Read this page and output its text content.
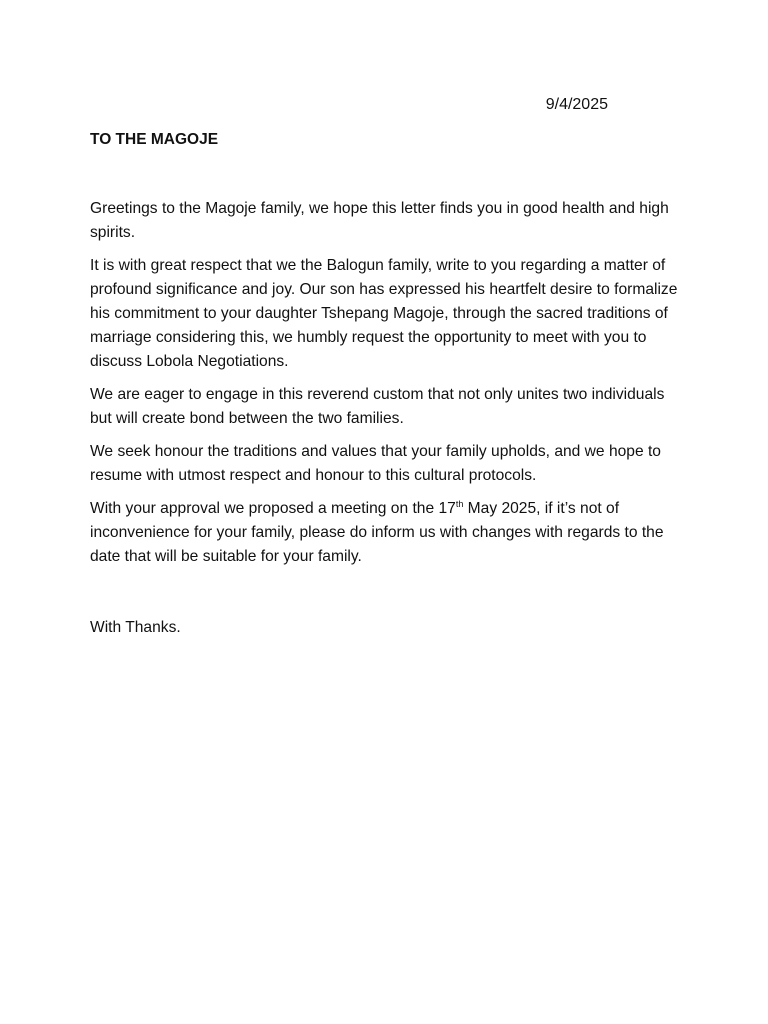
9/4/2025
TO THE MAGOJE

Greetings to the Magoje family, we hope this letter finds you in good health and high spirits.

It is with great respect that we the Balogun family, write to you regarding a matter of profound significance and joy. Our son has expressed his heartfelt desire to formalize his commitment to your daughter Tshepang Magoje, through the sacred traditions of marriage considering this, we humbly request the opportunity to meet with you to discuss Lobola Negotiations.

We are eager to engage in this reverend custom that not only unites two individuals but will create bond between the two families.

We seek honour the traditions and values that your family upholds, and we hope to resume with utmost respect and honour to this cultural protocols.

With your approval we proposed a meeting on the 17th May 2025, if it’s not of inconvenience for your family, please do inform us with changes with regards to the date that will be suitable for your family.

With Thanks.
